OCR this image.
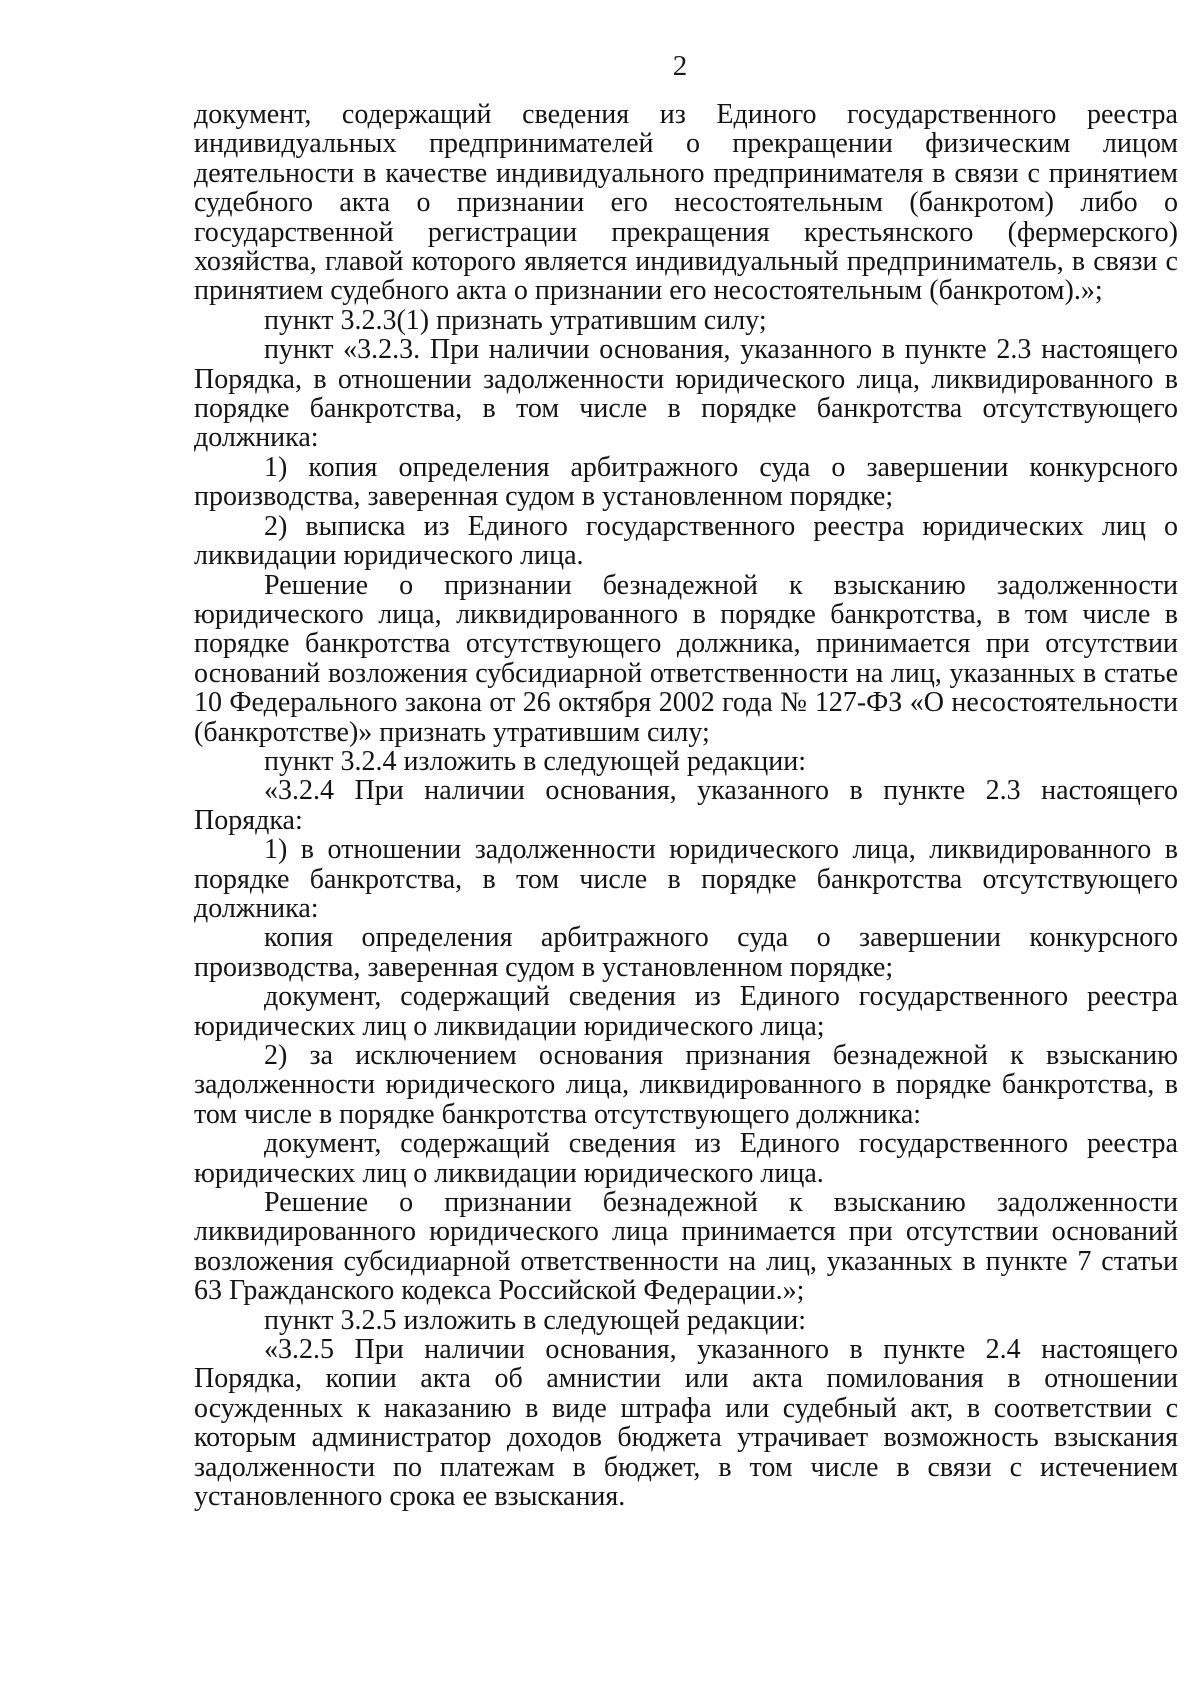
2

документ, содержащий сведения из Единого государственного реестра индивидуальных предпринимателей о прекращении физическим лицом деятельности в качестве индивидуального предпринимателя в связи с принятием судебного акта о признании его несостоятельным (банкротом) либо о государственной регистрации прекращения крестьянского (фермерского) хозяйства, главой которого является индивидуальный предприниматель, в связи с принятием судебного акта о признании его несостоятельным (банкротом).»;

пункт 3.2.3(1) признать утратившим силу;

пункт «3.2.3. При наличии основания, указанного в пункте 2.3 настоящего Порядка, в отношении задолженности юридического лица, ликвидированного в порядке банкротства, в том числе в порядке банкротства отсутствующего должника:

1) копия определения арбитражного суда о завершении конкурсного производства, заверенная судом в установленном порядке;

2) выписка из Единого государственного реестра юридических лиц о ликвидации юридического лица.

Решение о признании безнадежной к взысканию задолженности юридического лица, ликвидированного в порядке банкротства, в том числе в порядке банкротства отсутствующего должника, принимается при отсутствии оснований возложения субсидиарной ответственности на лиц, указанных в статье 10 Федерального закона от 26 октября 2002 года № 127-ФЗ «О несостоятельности (банкротстве)» признать утратившим силу;

пункт 3.2.4 изложить в следующей редакции:

«3.2.4 При наличии основания, указанного в пункте 2.3 настоящего Порядка:

1) в отношении задолженности юридического лица, ликвидированного в порядке банкротства, в том числе в порядке банкротства отсутствующего должника:

копия определения арбитражного суда о завершении конкурсного производства, заверенная судом в установленном порядке;

документ, содержащий сведения из Единого государственного реестра юридических лиц о ликвидации юридического лица;

2) за исключением основания признания безнадежной к взысканию задолженности юридического лица, ликвидированного в порядке банкротства, в том числе в порядке банкротства отсутствующего должника:

документ, содержащий сведения из Единого государственного реестра юридических лиц о ликвидации юридического лица.

Решение о признании безнадежной к взысканию задолженности ликвидированного юридического лица принимается при отсутствии оснований возложения субсидиарной ответственности на лиц, указанных в пункте 7 статьи 63 Гражданского кодекса Российской Федерации.»;

пункт 3.2.5 изложить в следующей редакции:

«3.2.5 При наличии основания, указанного в пункте 2.4 настоящего Порядка, копии акта об амнистии или акта помилования в отношении осужденных к наказанию в виде штрафа или судебный акт, в соответствии с которым администратор доходов бюджета утрачивает возможность взыскания задолженности по платежам в бюджет, в том числе в связи с истечением установленного срока ее взыскания.
